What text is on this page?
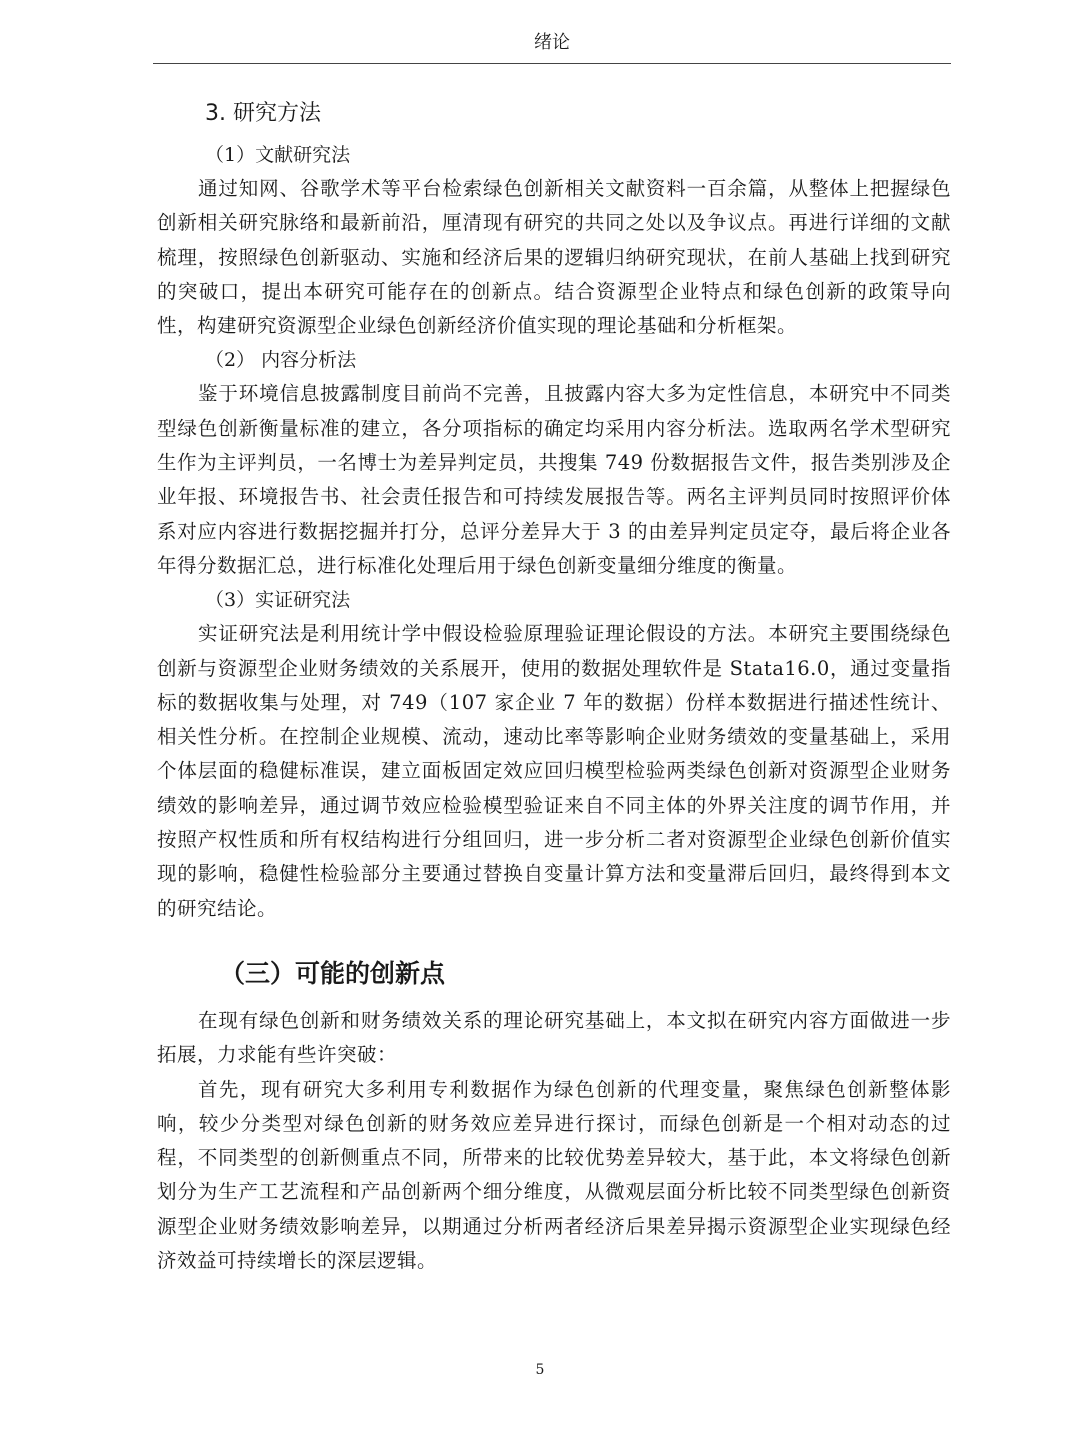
绪论
3. 研究方法
（1）文献研究法

通过知网、谷歌学术等平台检索绿色创新相关文献资料一百余篇，从整体上把握绿色创新相关研究脉络和最新前沿，厘清现有研究的共同之处以及争议点。再进行详细的文献梳理，按照绿色创新驱动、实施和经济后果的逻辑归纳研究现状，在前人基础上找到研究的突破口，提出本研究可能存在的创新点。结合资源型企业特点和绿色创新的政策导向性，构建研究资源型企业绿色创新经济价值实现的理论基础和分析框架。

（2） 内容分析法

鉴于环境信息披露制度目前尚不完善，且披露内容大多为定性信息，本研究中不同类型绿色创新衡量标准的建立，各分项指标的确定均采用内容分析法。选取两名学术型研究生作为主评判员，一名博士为差异判定员，共搜集 749 份数据报告文件，报告类别涉及企业年报、环境报告书、社会责任报告和可持续发展报告等。两名主评判员同时按照评价体系对应内容进行数据挖掘并打分，总评分差异大于 3 的由差异判定员定夺，最后将企业各年得分数据汇总，进行标准化处理后用于绿色创新变量细分维度的衡量。

（3）实证研究法

实证研究法是利用统计学中假设检验原理验证理论假设的方法。本研究主要围绕绿色创新与资源型企业财务绩效的关系展开，使用的数据处理软件是 Stata16.0，通过变量指标的数据收集与处理，对 749（107 家企业 7 年的数据）份样本数据进行描述性统计、相关性分析。在控制企业规模、流动，速动比率等影响企业财务绩效的变量基础上，采用个体层面的稳健标准误，建立面板固定效应回归模型检验两类绿色创新对资源型企业财务绩效的影响差异，通过调节效应检验模型验证来自不同主体的外界关注度的调节作用，并按照产权性质和所有权结构进行分组回归，进一步分析二者对资源型企业绿色创新价值实现的影响，稳健性检验部分主要通过替换自变量计算方法和变量滞后回归，最终得到本文的研究结论。

（三）可能的创新点

在现有绿色创新和财务绩效关系的理论研究基础上，本文拟在研究内容方面做进一步拓展，力求能有些许突破：

首先，现有研究大多利用专利数据作为绿色创新的代理变量，聚焦绿色创新整体影响，较少分类型对绿色创新的财务效应差异进行探讨，而绿色创新是一个相对动态的过程，不同类型的创新侧重点不同，所带来的比较优势差异较大，基于此，本文将绿色创新划分为生产工艺流程和产品创新两个细分维度，从微观层面分析比较不同类型绿色创新资源型企业财务绩效影响差异，以期通过分析两者经济后果差异揭示资源型企业实现绿色经济效益可持续增长的深层逻辑。

5
